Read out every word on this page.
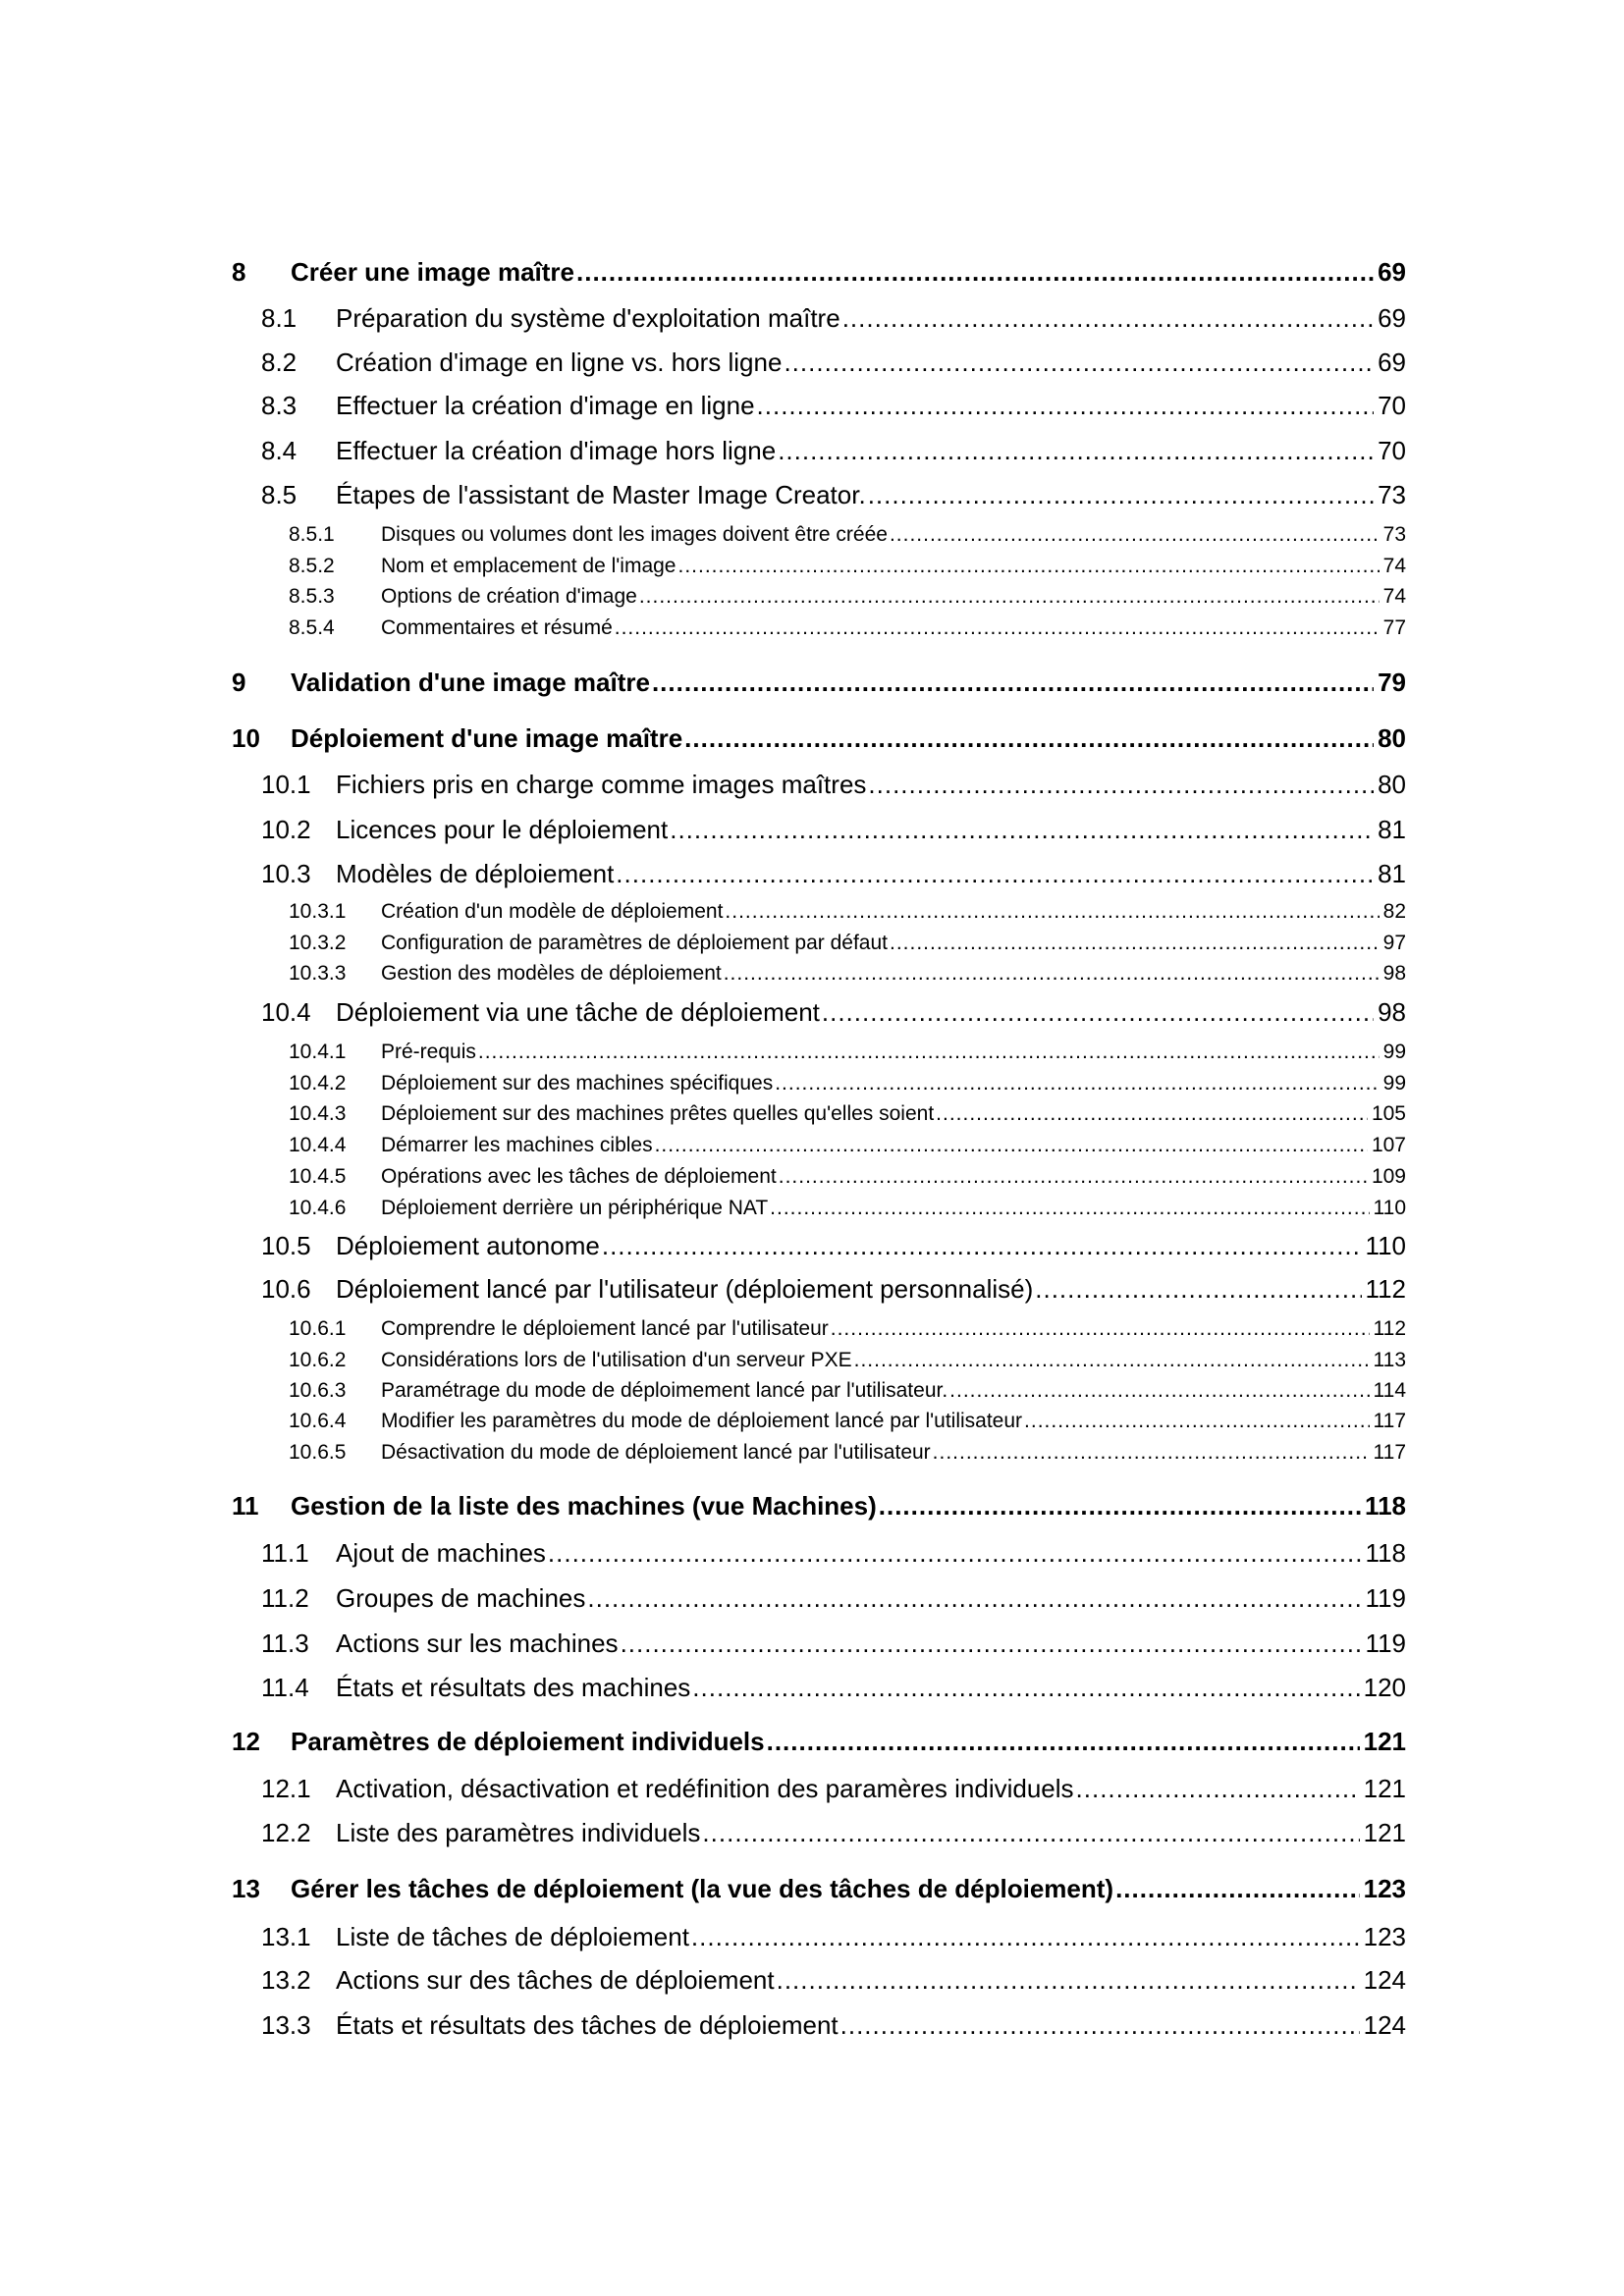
8	Créer une image maître .....	69
8.1	Préparation du système d'exploitation maître .....	69
8.2	Création d'image en ligne vs. hors ligne .....	69
8.3	Effectuer la création d'image en ligne .....	70
8.4	Effectuer la création d'image hors ligne .....	70
8.5	Étapes de l'assistant de Master Image Creator. .....	73
8.5.1	Disques ou volumes dont les images doivent être créée .....	73
8.5.2	Nom et emplacement de l'image .....	74
8.5.3	Options de création d'image .....	74
8.5.4	Commentaires et résumé .....	77
9	Validation d'une image maître .....	79
10	Déploiement d'une image maître .....	80
10.1 Fichiers pris en charge comme images maîtres .....	80
10.2 Licences pour le déploiement .....	81
10.3 Modèles de déploiement .....	81
10.3.1	Création d'un modèle de déploiement .....	82
10.3.2	Configuration de paramètres de déploiement par défaut .....	97
10.3.3	Gestion des modèles de déploiement .....	98
10.4 Déploiement via une tâche de déploiement .....	98
10.4.1	Pré-requis .....	99
10.4.2	Déploiement sur des machines spécifiques .....	99
10.4.3	Déploiement sur des machines prêtes quelles qu'elles soient .....	105
10.4.4	Démarrer les machines cibles .....	107
10.4.5	Opérations avec les tâches de déploiement .....	109
10.4.6	Déploiement derrière un périphérique NAT .....	110
10.5 Déploiement autonome .....	110
10.6 Déploiement lancé par l'utilisateur (déploiement personnalisé) .....	112
10.6.1	Comprendre le déploiement lancé par l'utilisateur .....	112
10.6.2	Considérations lors de l'utilisation d'un serveur PXE .....	113
10.6.3	Paramétrage du mode de déploimement lancé par l'utilisateur. .....	114
10.6.4	Modifier les paramètres du mode de déploiement lancé par l'utilisateur .....	117
10.6.5	Désactivation du mode de déploiement lancé par l'utilisateur .....	117
11	Gestion de la liste des machines (vue Machines) .....	118
11.1	Ajout de machines .....	118
11.2	Groupes de machines .....	119
11.3	Actions sur les machines .....	119
11.4	États et résultats des machines .....	120
12	Paramètres de déploiement individuels .....	121
12.1 Activation, désactivation et redéfinition des paramères individuels .....	121
12.2 Liste des paramètres individuels .....	121
13	Gérer les tâches de déploiement (la vue des tâches de déploiement) .....	123
13.1 Liste de tâches de déploiement .....	123
13.2 Actions sur des tâches de déploiement .....	124
13.3 États et résultats des tâches de déploiement .....	124
